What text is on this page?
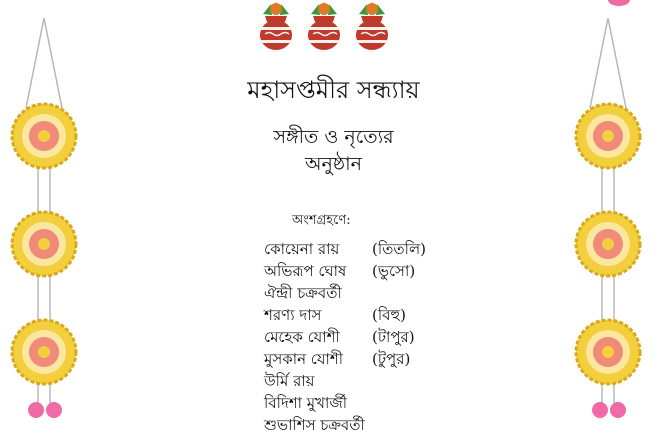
মহাসপ্তমীর সন্ধ্যায়
সঙ্গীত ও নৃত্যের
অনুষ্ঠান
অংশগ্রহণে:
কোয়েনা রায় (তিতলি)
অভিরূপ ঘোষ (ভুসো)
ঐন্দ্রী চক্রবর্তী
শরণ্য দাস	(বিহু)
মেহেক যোশী (টাপুর)
মুসকান যোশী (টুপুর)
উর্মি রায়
বিদিশা মুখার্জী
শুভাশিস চক্রবর্তী
